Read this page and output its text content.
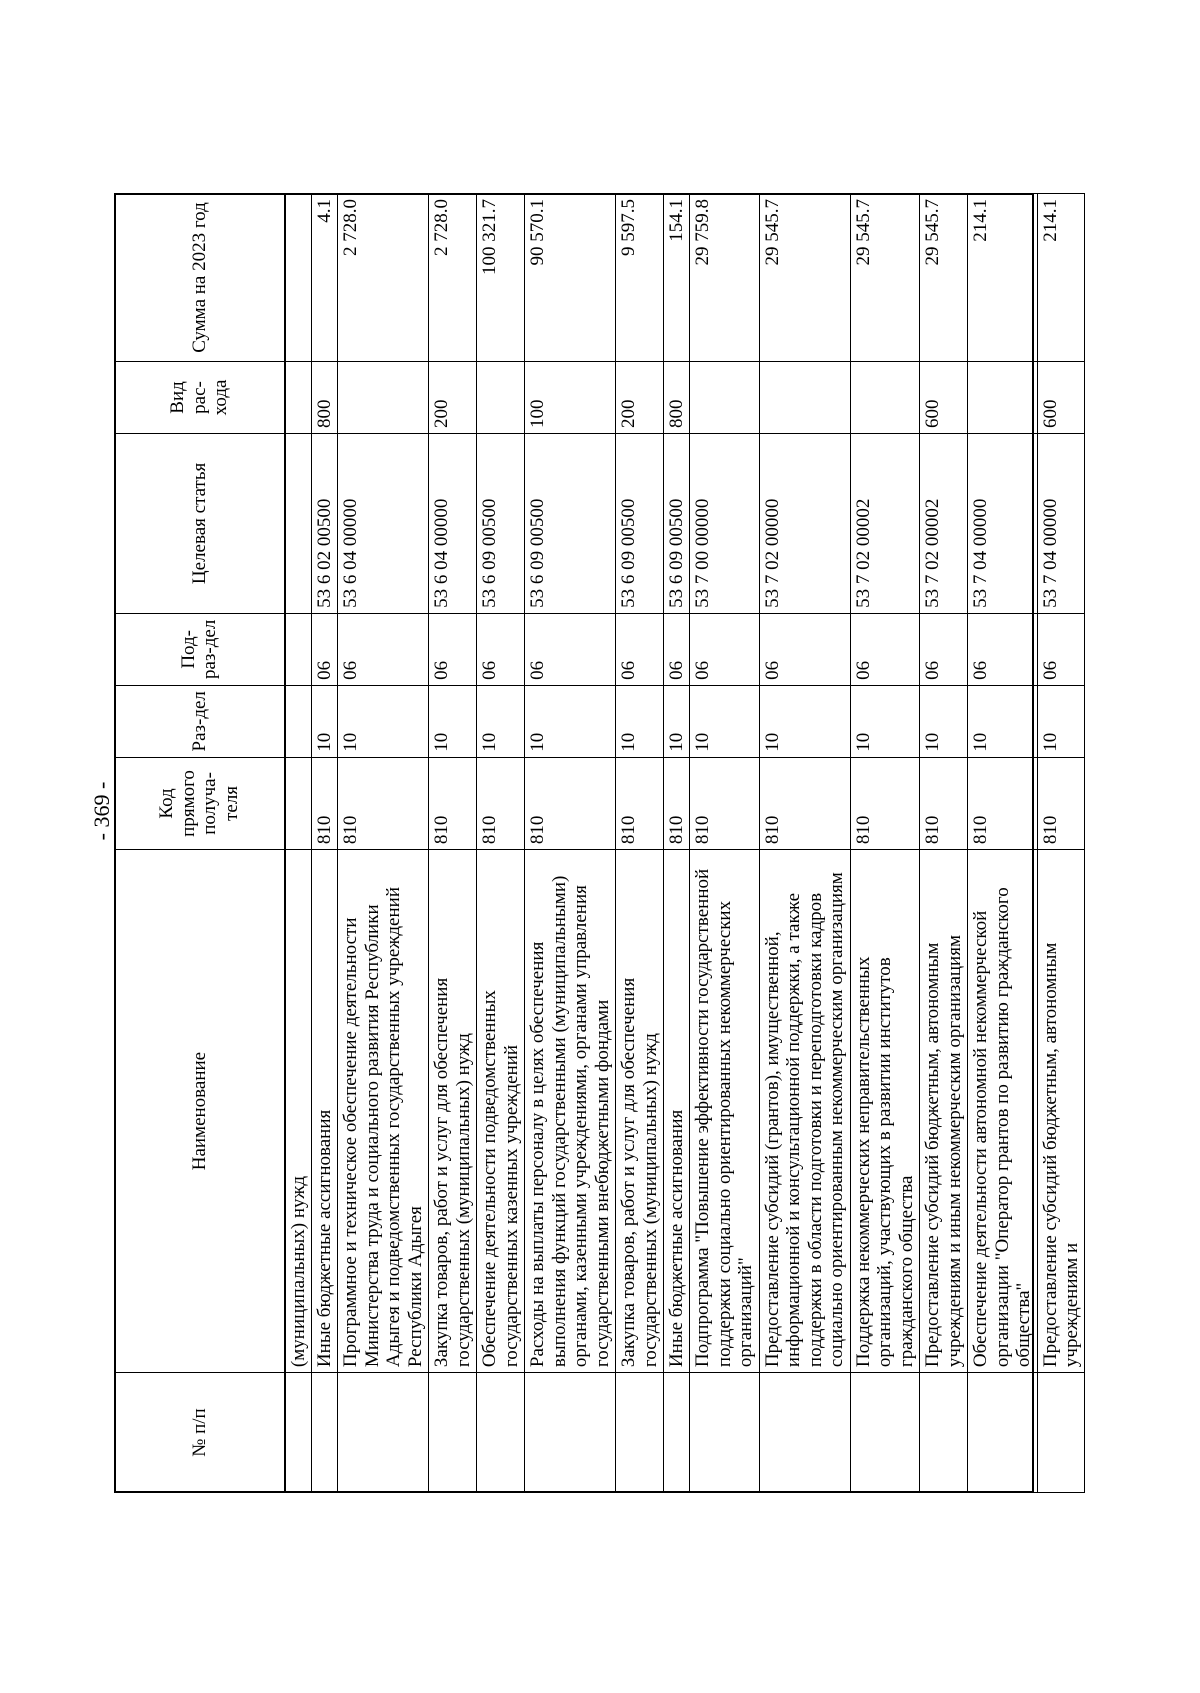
- 369 -
№ п/п	Наименование	Код прямого получа-теля	Раз-дел	Под-раз-дел	Целевая статья	Вид рас-хода	Сумма на 2023 год
	(муниципальных) нужд						
	Иные бюджетные ассигнования	810	10	06	53 6 02 00500	800	4.1
	Программное и техническое обеспечение деятельности Министерства труда и социального развития Республики Адыгея и подведомственных государственных учреждений Республики Адыгея	810	10	06	53 6 04 00000		2 728.0
	Закупка товаров, работ и услуг для обеспечения государственных (муниципальных) нужд	810	10	06	53 6 04 00000	200	2 728.0
	Обеспечение деятельности подведомственных государственных казенных учреждений	810	10	06	53 6 09 00500		100 321.7
	Расходы на выплаты персоналу в целях обеспечения выполнения функций государственными (муниципальными) органами, казенными учреждениями, органами управления государственными внебюджетными фондами	810	10	06	53 6 09 00500	100	90 570.1
	Закупка товаров, работ и услуг для обеспечения государственных (муниципальных) нужд	810	10	06	53 6 09 00500	200	9 597.5
	Иные бюджетные ассигнования	810	10	06	53 6 09 00500	800	154.1
	Подпрограмма "Повышение эффективности государственной поддержки социально ориентированных некоммерческих организаций"	810	10	06	53 7 00 00000		29 759.8
	Предоставление субсидий (грантов), имущественной, информационной и консультационной поддержки, а также поддержки в области подготовки и переподготовки кадров социально ориентированным некоммерческим организациям	810	10	06	53 7 02 00000		29 545.7
	Поддержка некоммерческих неправительственных организаций, участвующих в развитии институтов гражданского общества	810	10	06	53 7 02 00002		29 545.7
	Предоставление субсидий бюджетным, автономным учреждениям и иным некоммерческим организациям	810	10	06	53 7 02 00002	600	29 545.7
	Обеспечение деятельности автономной некоммерческой организации "Оператор грантов по развитию гражданского общества"	810	10	06	53 7 04 00000		214.1
	Предоставление субсидий бюджетным, автономным учреждениям и	810	10	06	53 7 04 00000	600	214.1
